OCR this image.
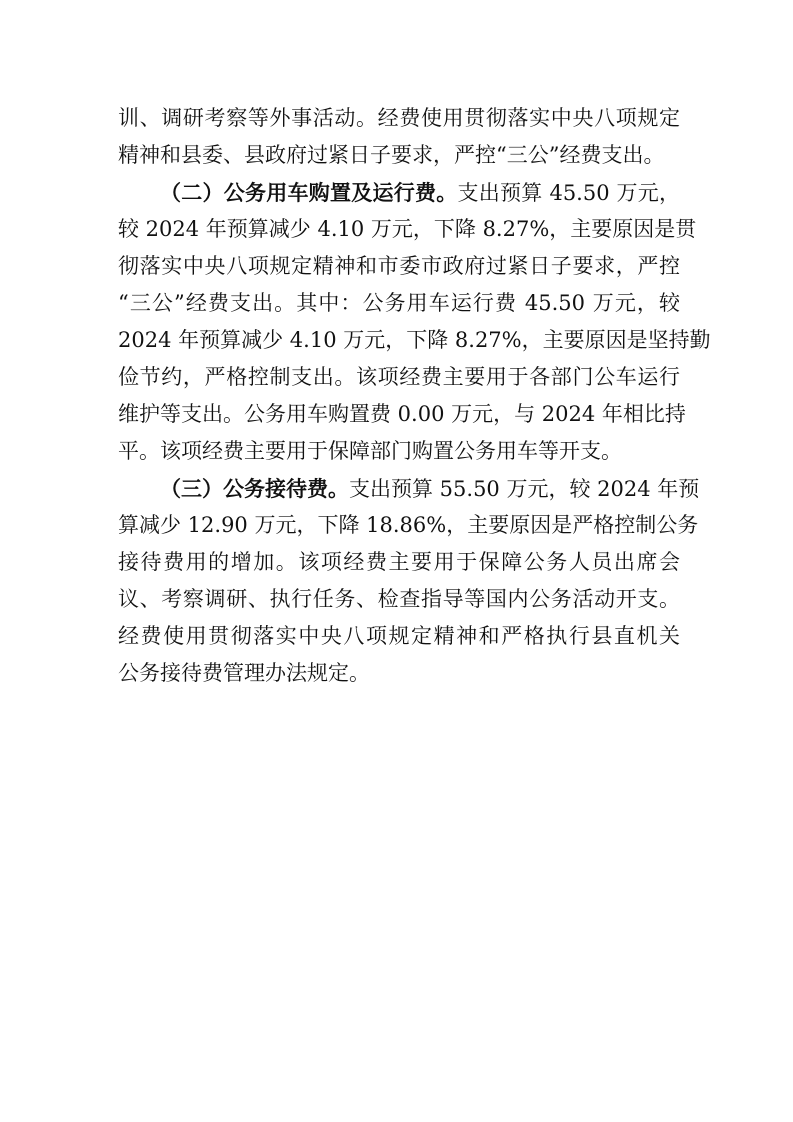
训、调研考察等外事活动。经费使用贯彻落实中央八项规定
精神和县委、县政府过紧日子要求，严控“三公”经费支出。
（二）公务用车购置及运行费。支出预算 45.50 万元，
较 2024 年预算减少 4.10 万元，下降 8.27%，主要原因是贯
彻落实中央八项规定精神和市委市政府过紧日子要求，严控
“三公”经费支出。其中：公务用车运行费 45.50 万元，较
2024 年预算减少 4.10 万元，下降 8.27%，主要原因是坚持勤
俭节约，严格控制支出。该项经费主要用于各部门公车运行
维护等支出。公务用车购置费 0.00 万元，与 2024 年相比持
平。该项经费主要用于保障部门购置公务用车等开支。
（三）公务接待费。支出预算 55.50 万元，较 2024 年预
算减少 12.90 万元，下降 18.86%，主要原因是严格控制公务
接待费用的增加。该项经费主要用于保障公务人员出席会
议、考察调研、执行任务、检查指导等国内公务活动开支。
经费使用贯彻落实中央八项规定精神和严格执行县直机关
公务接待费管理办法规定。
